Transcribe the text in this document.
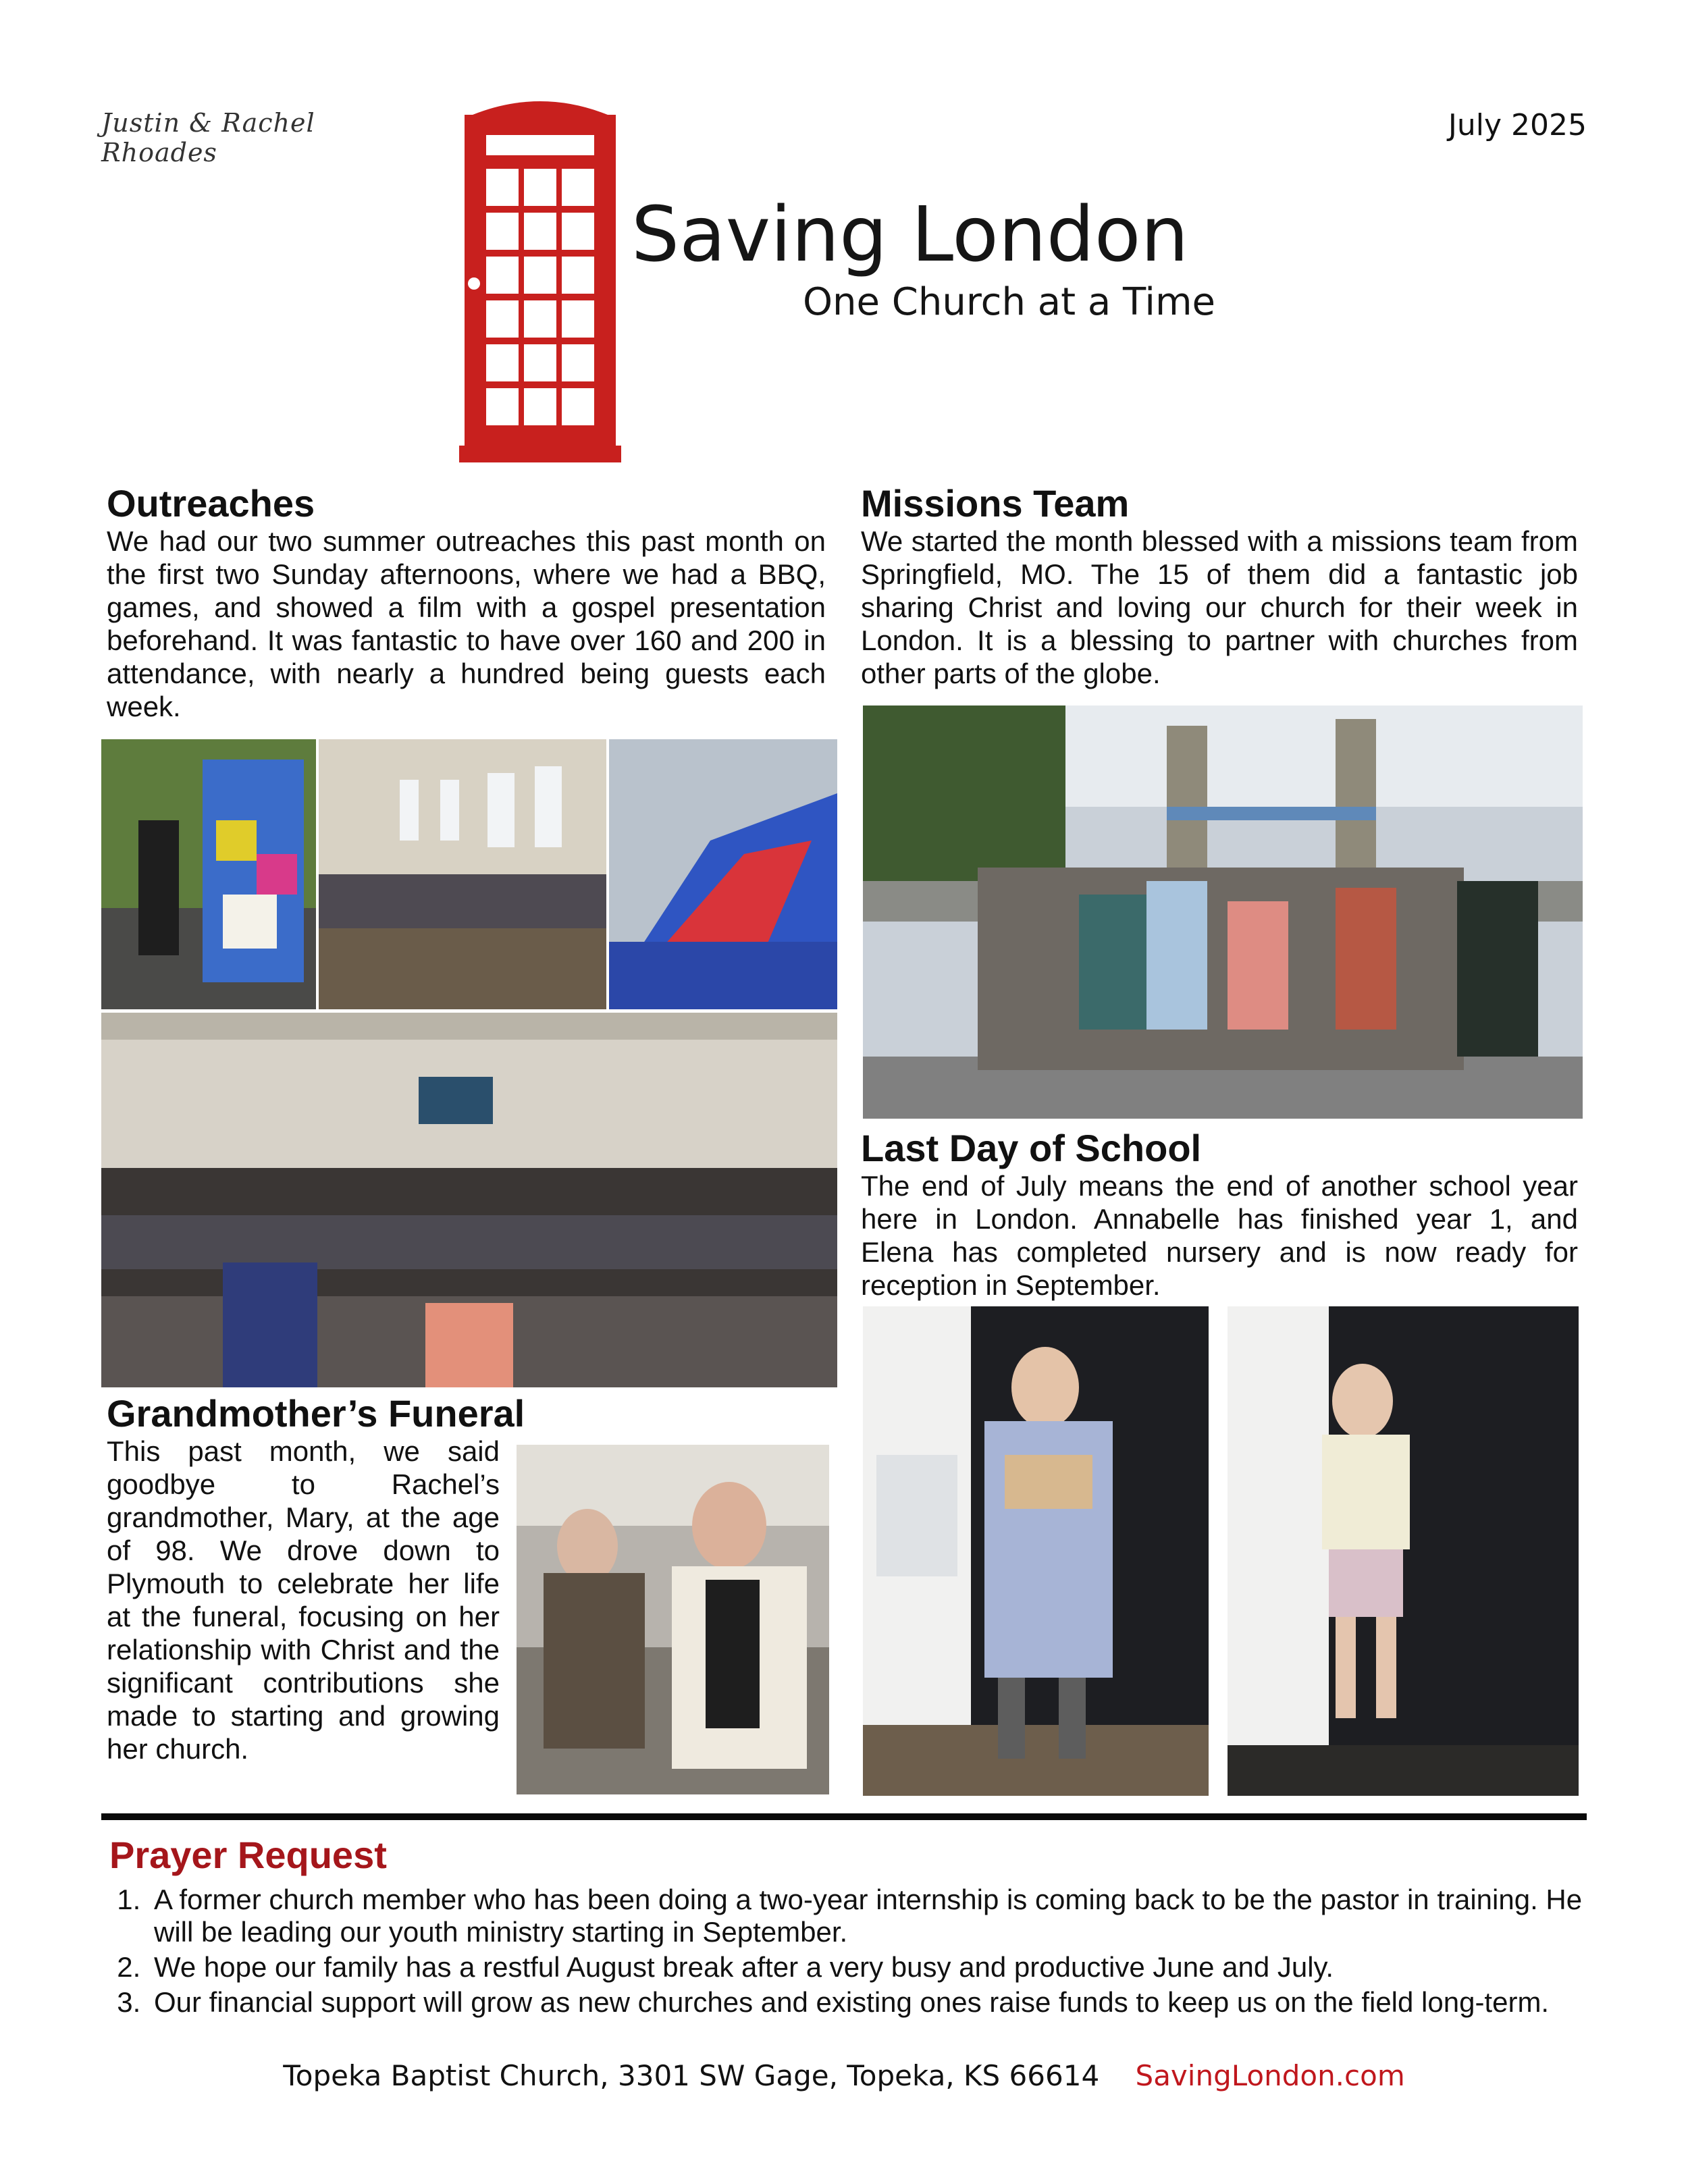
Justin & Rachel Rhoades
July 2025
Saving London
One Church at a Time
Outreaches

We had our two summer outreaches this past month on the first two Sunday afternoons, where we had a BBQ, games, and showed a film with a gospel presentation beforehand. It was fantastic to have over 160 and 200 in attendance, with nearly a hundred being guests each week.

Grandmother’s Funeral

This past month, we said goodbye to Rachel’s grandmother, Mary, at the age of 98. We drove down to Plymouth to celebrate her life at the funeral, focusing on her relationship with Christ and the significant contributions she made to starting and growing her church.

Missions Team

We started the month blessed with a missions team from Springfield, MO. The 15 of them did a fantastic job sharing Christ and loving our church for their week in London. It is a blessing to partner with churches from other parts of the globe.

Last Day of School

The end of July means the end of another school year here in London. Annabelle has finished year 1, and Elena has completed nursery and is now ready for reception in September.

Prayer Request
1. A former church member who has been doing a two-year internship is coming back to be the pastor in training. He will be leading our youth ministry starting in September.
2. We hope our family has a restful August break after a very busy and productive June and July.
3. Our financial support will grow as new churches and existing ones raise funds to keep us on the field long-term.
Topeka Baptist Church, 3301 SW Gage, Topeka, KS 66614 SavingLondon.com
